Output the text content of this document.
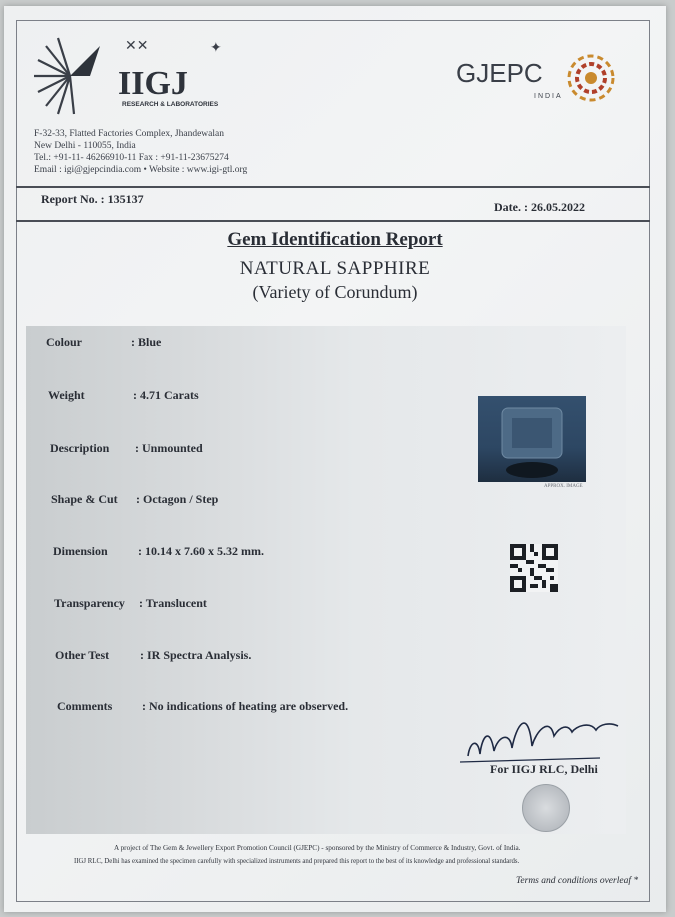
✕✕	✦
IIGJ
RESEARCH & LABORATORIES
GJEPC
INDIA
F-32-33, Flatted Factories Complex, Jhandewalan
New Delhi - 110055, India
Tel.: +91-11- 46266910-11 Fax : +91-11-23675274
Email : igi@gjepcindia.com • Website : www.igi-gtl.org
Report No. : 135137
Date. : 26.05.2022
Gem Identification Report
NATURAL SAPPHIRE
(Variety of Corundum)
Colour	: Blue
Weight	: 4.71 Carats
Description : Unmounted
Shape & Cut : Octagon / Step
Dimension	: 10.14 x 7.60 x 5.32 mm.
Transparency : Translucent
Other Test	: IR Spectra Analysis.
Comments : No indications of heating are observed.
APPROX. IMAGE
For IIGJ RLC, Delhi
A project of The Gem & Jewellery Export Promotion Council (GJEPC) - sponsored by the Ministry of Commerce & Industry, Govt. of India.
IIGJ RLC, Delhi has examined the specimen carefully with specialized instruments and prepared this report to the best of its knowledge and professional standards.
Terms and conditions overleaf *
